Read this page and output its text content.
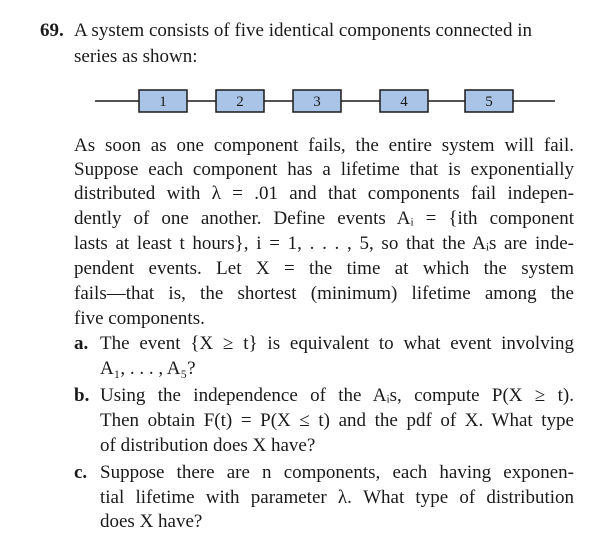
69. A system consists of five identical components connected in
series as shown:
1	2	3	4	5
As soon as one component fails, the entire system will fail.
Suppose each component has a lifetime that is exponentially
distributed with λ = .01 and that components fail indepen-
dently of one another. Define events Aᵢ = {ith component
lasts at least t hours}, i = 1, . . . , 5, so that the Aᵢs are inde-
pendent events. Let X = the time at which the system
fails—that is, the shortest (minimum) lifetime among the
five components.
a. The event {X ≥ t} is equivalent to what event involving
A₁, . . . , A₅?
b. Using the independence of the Aᵢs, compute P(X ≥ t).
Then obtain F(t) = P(X ≤ t) and the pdf of X. What type
of distribution does X have?
c. Suppose there are n components, each having exponen-
tial lifetime with parameter λ. What type of distribution
does X have?
